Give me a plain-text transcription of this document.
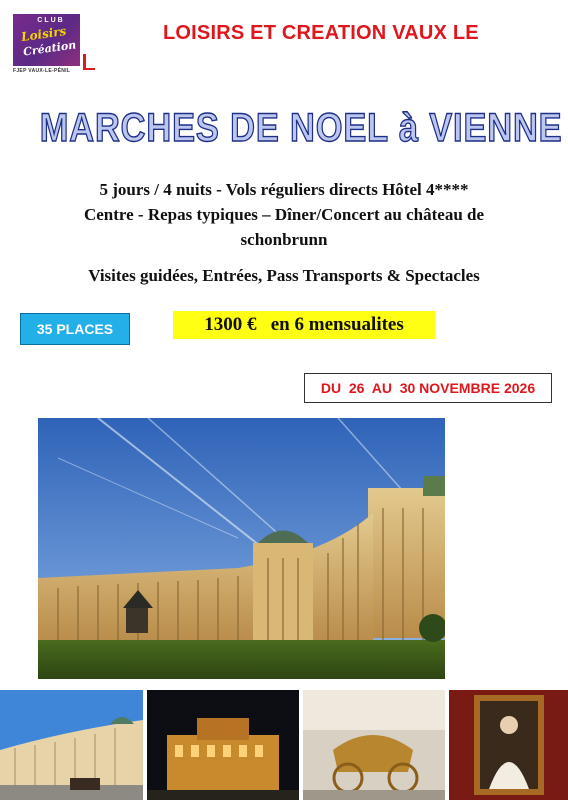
CLUB
Loisirs
Création
FJEP VAUX-LE-PÉNIL
LOISIRS ET CREATION VAUX LE
MARCHES DE NOEL à VIENNE
5 jours / 4 nuits - Vols réguliers directs Hôtel 4****
Centre - Repas typiques – Dîner/Concert au château de
schonbrunn
Visites guidées, Entrées, Pass Transports & Spectacles
35 PLACES	1300 €   en 6 mensualites
DU  26  AU  30 NOVEMBRE 2026
